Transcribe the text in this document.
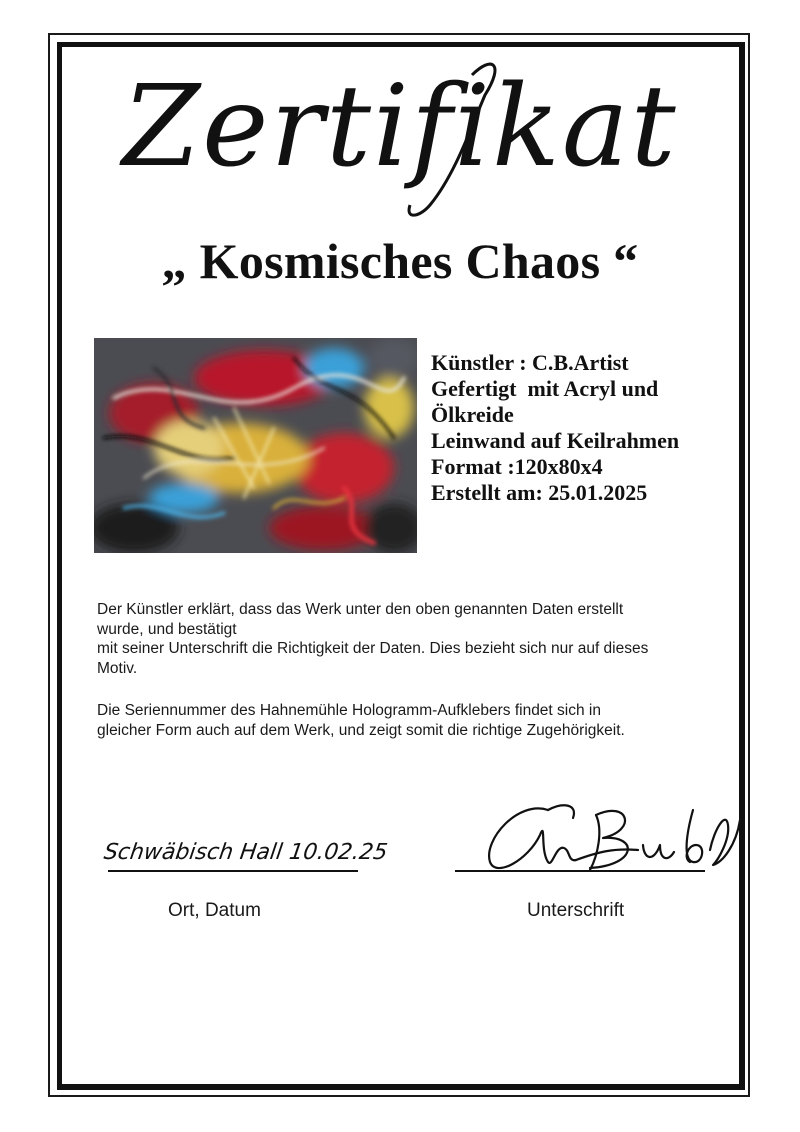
Zertifikat
„ Kosmisches Chaos “
Künstler : C.B.Artist
Gefertigt  mit Acryl und
Ölkreide
Leinwand auf Keilrahmen
Format :120x80x4
Erstellt am: 25.01.2025

Der Künstler erklärt, dass das Werk unter den oben genannten Daten erstellt

wurde, und bestätigt

mit seiner Unterschrift die Richtigkeit der Daten. Dies bezieht sich nur auf dieses

Motiv.

Die Seriennummer des Hahnemühle Hologramm-Aufklebers findet sich in

gleicher Form auch auf dem Werk, und zeigt somit die richtige Zugehörigkeit.

Schwäbisch Hall 10.02.25
Ort, Datum	Unterschrift
